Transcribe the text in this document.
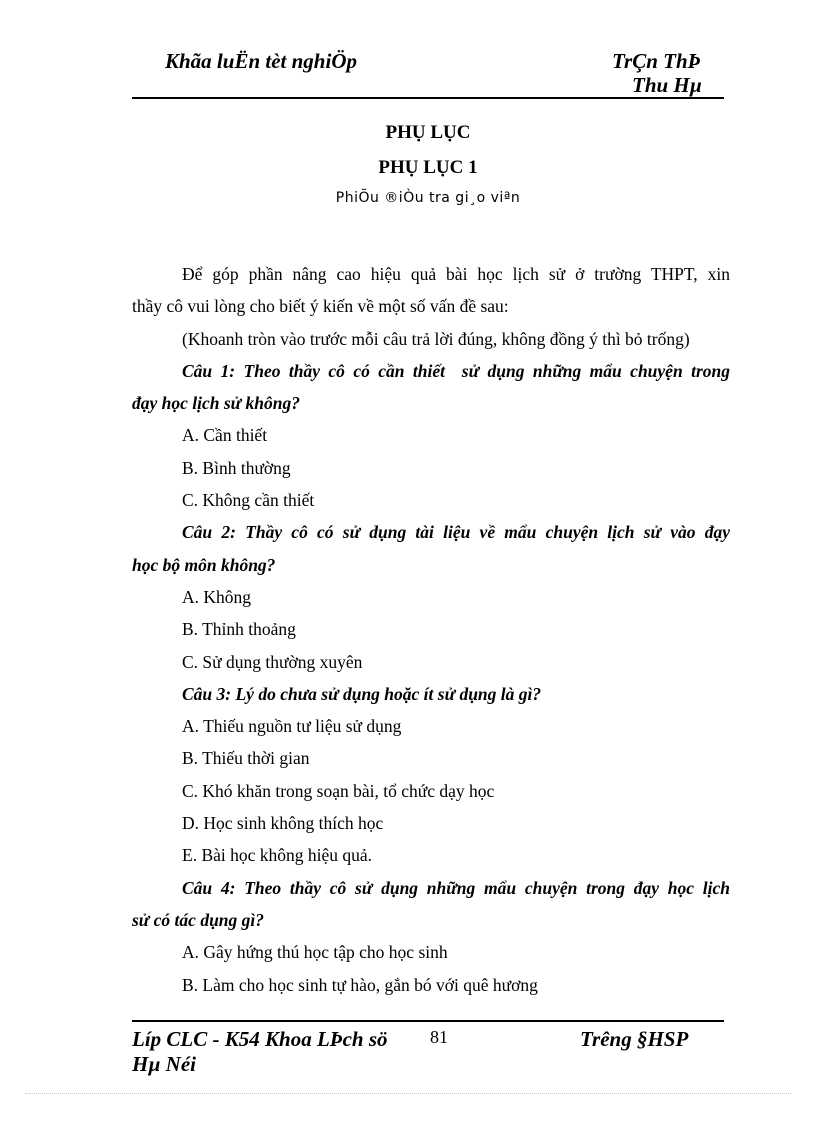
Khãa luËn tèt nghiÖp	TrÇn ThÞ
Thu Hµ
PHỤ LỤC
PHỤ LỤC 1
PhiÕu ®iÒu tra gi¸o viªn

Để góp phần nâng cao hiệu quả bài học lịch sử ở trường THPT, xin

thầy cô vui lòng cho biết ý kiến về một số vấn đề sau:

(Khoanh tròn vào trước mỗi câu trả lời đúng, không đồng ý thì bỏ trống)

Câu 1: Theo thầy cô có cần thiết  sử dụng những mẩu chuyện trong

đạy học lịch sử không?

A. Cần thiết

B. Bình thường

C. Không cần thiết

Câu 2: Thầy cô có sử dụng tài liệu về mẩu chuyện lịch sử vào đạy

học bộ môn không?

A. Không

B. Thỉnh thoảng

C. Sử dụng thường xuyên

Câu 3: Lý do chưa sử dụng hoặc ít sử dụng là gì?

A. Thiếu nguồn tư liệu sử dụng

B. Thiếu thời gian

C. Khó khăn trong soạn bài, tổ chức dạy học

D. Học sinh không thích học

E. Bài học không hiệu quả.

Câu 4: Theo thầy cô sử dụng những mẩu chuyện trong đạy học lịch

sử có tác dụng gì?

A. Gây hứng thú học tập cho học sinh

B. Làm cho học sinh tự hào, gắn bó với quê hương

Líp CLC - K54 Khoa LÞch sö
Hµ Néi
81	Trêng §HSP
